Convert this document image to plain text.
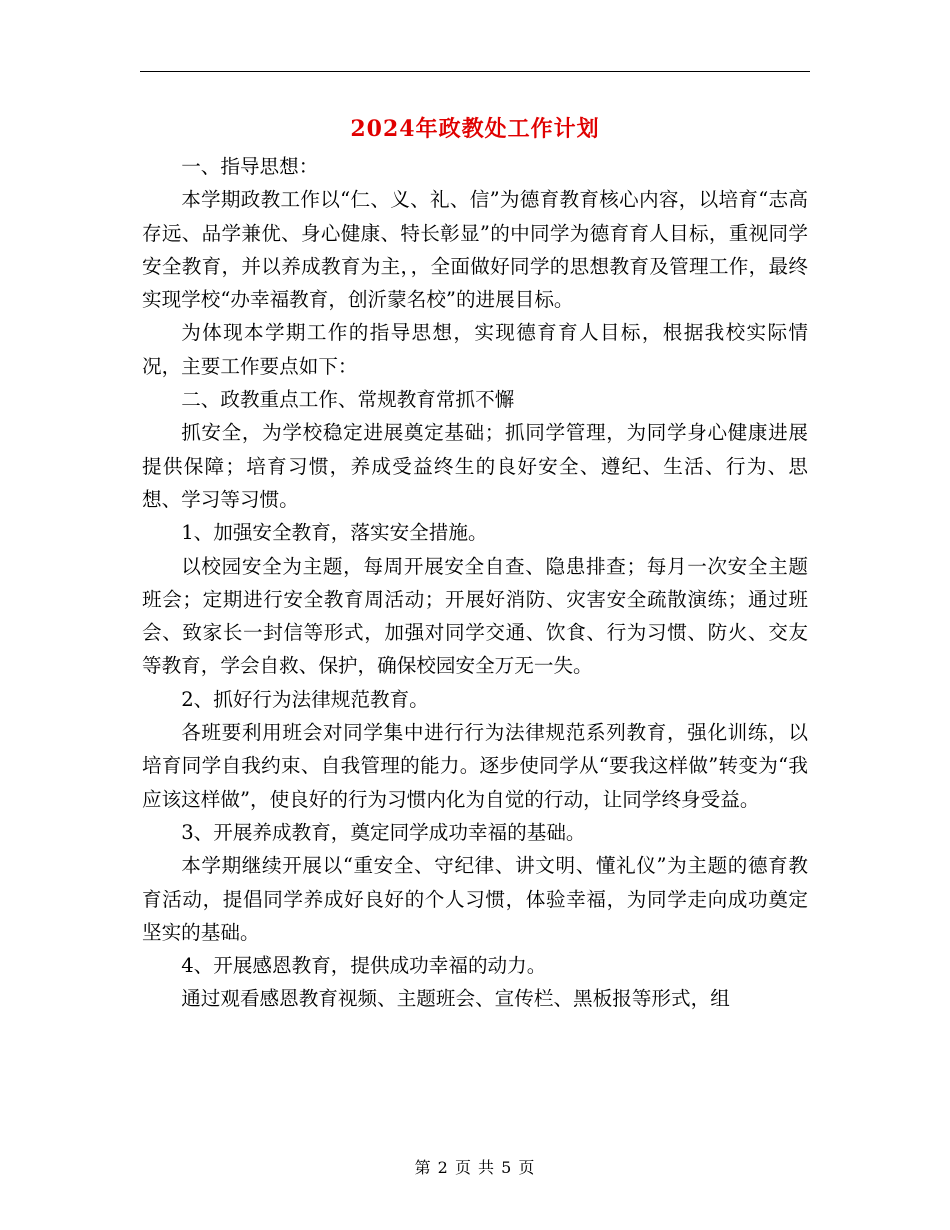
2024年政教处工作计划

一、指导思想：

本学期政教工作以“仁、义、礼、信”为德育教育核心内容，以培育“志高存远、品学兼优、身心健康、特长彰显”的中同学为德育育人目标，重视同学安全教育，并以养成教育为主，，全面做好同学的思想教育及管理工作，最终实现学校“办幸福教育，创沂蒙名校”的进展目标。

为体现本学期工作的指导思想，实现德育育人目标，根据我校实际情况，主要工作要点如下：

二、政教重点工作、常规教育常抓不懈

抓安全，为学校稳定进展奠定基础；抓同学管理，为同学身心健康进展提供保障；培育习惯，养成受益终生的良好安全、遵纪、生活、行为、思想、学习等习惯。

1、加强安全教育，落实安全措施。

以校园安全为主题，每周开展安全自查、隐患排查；每月一次安全主题班会；定期进行安全教育周活动；开展好消防、灾害安全疏散演练；通过班会、致家长一封信等形式，加强对同学交通、饮食、行为习惯、防火、交友等教育，学会自救、保护，确保校园安全万无一失。

2、抓好行为法律规范教育。

各班要利用班会对同学集中进行行为法律规范系列教育，强化训练，以培育同学自我约束、自我管理的能力。逐步使同学从“要我这样做”转变为“我应该这样做”，使良好的行为习惯内化为自觉的行动，让同学终身受益。

3、开展养成教育，奠定同学成功幸福的基础。

本学期继续开展以“重安全、守纪律、讲文明、懂礼仪”为主题的德育教育活动，提倡同学养成好良好的个人习惯，体验幸福，为同学走向成功奠定坚实的基础。

4、开展感恩教育，提供成功幸福的动力。

通过观看感恩教育视频、主题班会、宣传栏、黑板报等形式，组

第 2 页 共 5 页
